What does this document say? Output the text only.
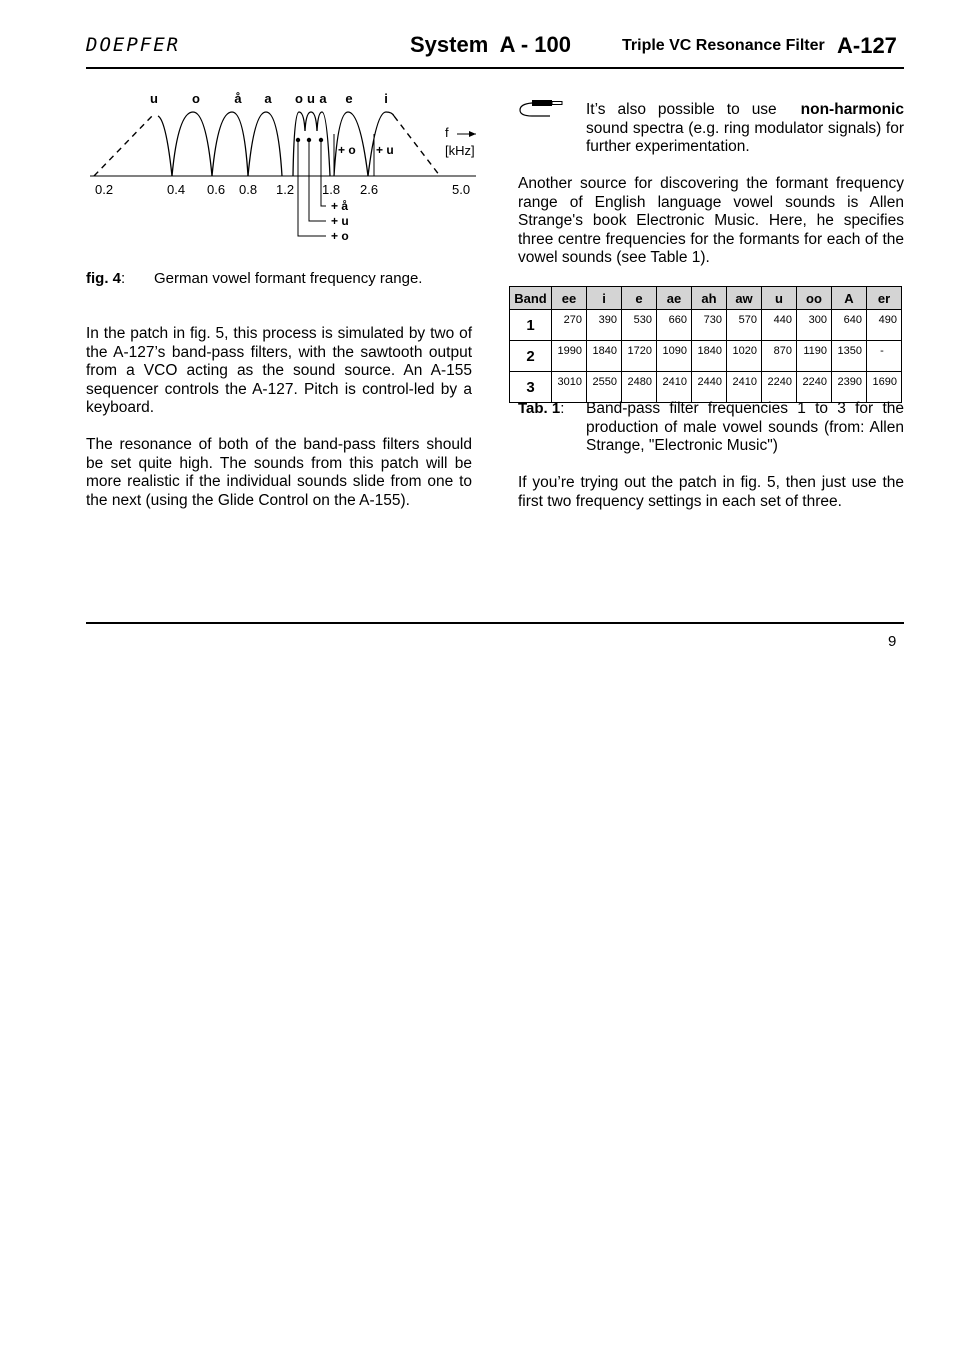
DOEPFER	System  A - 100	Triple VC Resonance Filter A-127
u	o	å a o u a e i
+ o + u
+ å
+ u
+ o
f
[kHz]
0.2	0.4 0.6 0.8 1.2 1.8 2.6	5.0
fig. 4: German vowel formant frequency range.
In the patch in fig. 5, this process is simulated by two of the A-127’s band-pass filters, with the sawtooth output from a VCO acting as the sound source. An A-155 sequencer controls the A-127. Pitch is control-led by a keyboard.
The resonance of both of the band-pass filters should be set quite high. The sounds from this patch will be more realistic if the individual sounds slide from one to the next (using the Glide Control on the A-155).
It’s also possible to use  non-harmonic sound spectra (e.g. ring modulator signals) for further experimentation.
Another source for discovering the formant frequency range of English language vowel sounds is Allen Strange's book Electronic Music. Here, he specifies three centre frequencies for the formants for each of the vowel sounds (see Table 1).
Band	ee	i	e	ae	ah	aw	u	oo	A	er
1	270	390	530	660	730	570	440	300	640	490
2	1990	1840	1720	1090	1840	1020	870	1190	1350	-
3	3010	2550	2480	2410	2440	2410	2240	2240	2390	1690
Tab. 1: Band-pass filter frequencies 1 to 3 for the production of male vowel sounds (from: Allen Strange, "Electronic Music")
If you’re trying out the patch in fig. 5, then just use the first two frequency settings in each set of three.
9
